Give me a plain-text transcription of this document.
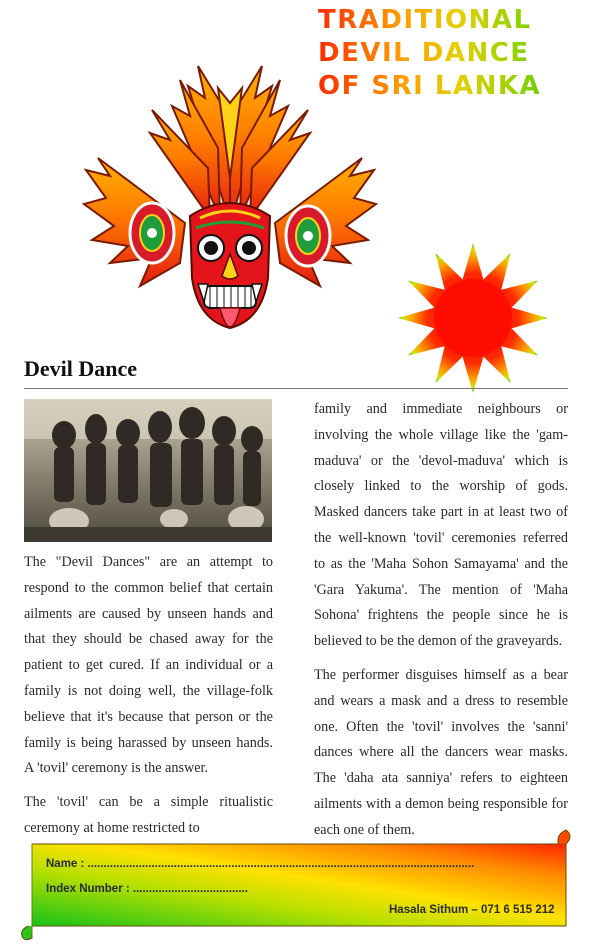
TRADITIONAL
DEVIL DANCE
OF SRI LANKA
Devil Dance

The "Devil Dances" are an attempt to respond to the common belief that certain ailments are caused by unseen hands and that they should be chased away for the patient to get cured. If an individual or a family is not doing well, the village-folk believe that it's because that person or the family is being harassed by unseen hands. A 'tovil' ceremony is the answer.

The 'tovil' can be a simple ritualistic ceremony at home restricted to

family and immediate neighbours or involving the whole village like the 'gam-maduva' or the 'devol-maduva' which is closely linked to the worship of gods. Masked dancers take part in at least two of the well-known 'tovil' ceremonies referred to as the 'Maha Sohon Samayama' and the 'Gara Yakuma'. The mention of 'Maha Sohona' frightens the people since he is believed to be the demon of the graveyards.

The performer disguises himself as a bear and wears a mask and a dress to resemble one. Often the 'tovil' involves the 'sanni' dances where all the dancers wear masks. The 'daha ata sanniya' refers to eighteen ailments with a demon being responsible for each one of them.

Name : .........................................................................................................................
Index Number : ....................................
Hasala Sithum – 071 6 515 212
